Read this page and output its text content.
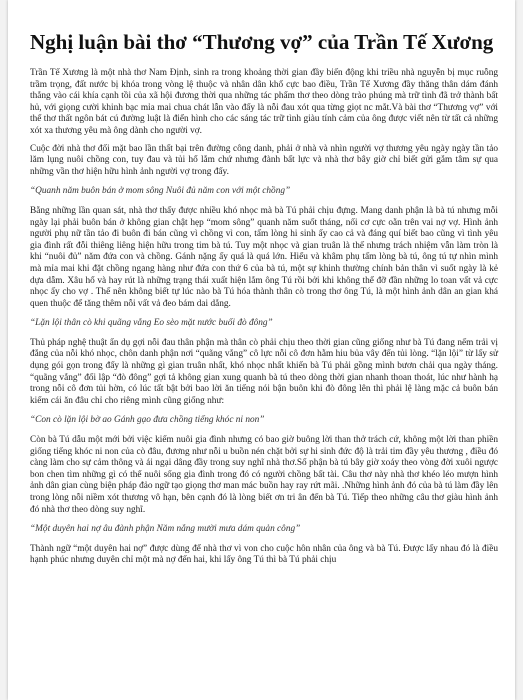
Nghị luận bài thơ “Thương vợ” của Trần Tế Xương

Trần Tế Xương là một nhà thơ Nam Định, sinh ra trong khoảng thời gian đầy biến động khi triều nhà nguyễn bị mục ruỗng trầm trọng, đất nước bị khóa trong vòng lệ thuộc và nhân dân khổ cực bao điều, Trần Tế Xương đầy thăng thân dám đánh thẳng vào cái khía cạnh tồi của xã hội đương thời qua những tác phẩm thơ theo dòng trào phúng mà trữ tình đã trở thành bất hủ, với giọng cười khinh bạc mỉa mai chua chát lẫn vào đấy là nỗi đau xót qua từng giọt nc mắt.Và bài thơ “Thương vợ” với thể thơ thất ngôn bát cú đường luật là điển hình cho các sáng tác trữ tình giàu tính cảm của ông được viết nên từ tất cả những xót xa thương yêu mà ông dành cho người vợ.

Cuộc đời nhà thơ đối mặt bao lần thất bại trên đường công danh, phải ở nhà và nhìn người vợ thương yêu ngày ngày tần tảo lăm lụng nuôi chồng con, tuy đau và tủi hổ lắm chứ nhưng đành bất lực và nhà thơ bây giờ chỉ biết gửi gắm tâm sự qua những vần thơ hiện hữu hình ảnh người vợ trong đấy.

“Quanh năm buôn bán ở mom sông Nuôi đủ năm con với một chồng”

Bằng những lần quan sát, nhà thơ thấy được nhiều khó nhọc mà bà Tú phải chịu đựng. Mang danh phận là bà tú nhưng mỗi ngày lại phải buôn bán ở không gian chật hẹp “mom sông” quanh năm suốt tháng, nối cơ cực oằn trên vai nợ vợ. Hình ảnh người phụ nữ tần tảo đi buôn đi bán cũng vì chồng vì con, tấm lòng hi sinh ấy cao cả và đáng quí biết bao cũng vì tình yêu gia đình rất đỗi thiêng liêng hiện hữu trong tim bà tú. Tuy một nhọc và gian truân là thế nhưng trách nhiệm vẫn làm tròn là khi “nuôi đủ” năm đứa con và chồng. Gánh nặng ấy quá là quá lớn. Hiểu và khâm phụ tấm lòng bà tú, ông tú tự nhìn mình mà mỉa mai khi đặt chồng ngang hàng như đứa con thứ 6 của bà tú, một sự khinh thường chính bản thân vì suốt ngày là kẻ dựa dẫm. Xâu hổ và hay rút là những trạng thái xuất hiện lắm ông Tú rồi bởi khi không thể đỡ đần những lo toan vất vả cực nhọc ấy cho vợ . Thế nên không biết tự lúc nào bà Tú hóa thành thân cò trong thơ ông Tú, là một hình ảnh dân an gian khá quen thuộc để tăng thêm nỗi vất vả đeo bám dai dẳng.

“Lặn lội thân cò khi quãng vắng Eo sèo mặt nước buổi đò đông”

Thủ pháp nghệ thuật ẩn dụ gợi nỗi đau thân phận mà thân cò phải chịu theo thời gian cũng giống như bà Tú đang nếm trải vị đắng của nỗi khó nhọc, chôn danh phận nơi “quãng vắng” cô lực nỗi cô đơn hằm hiu bủa vây đến tủi lòng. “lặn lội” từ lấy sử dụng gói gọn trong đấy là những gì gian truân nhất, khó nhọc nhất khiến bà Tú phải gồng mình bươn chải qua ngày tháng. “quãng vắng” đối lập “đò đông” gợi tả không gian xung quanh bà tú theo dòng thời gian nhanh thoan thoát, lúc như hành hạ trong nỗi cô đơn tủi hờn, có lúc tất bật bởi bao lời ăn tiếng nói bận buôn khi đò đông lên thì phải lệ làng mặc cả buôn bán kiếm cái ăn đâu chỉ cho riêng mình cũng giống như:

“Con cò lặn lội bờ ao Gánh gạo đưa chồng tiếng khóc ni non”

Còn bà Tú dẫu một mới bởi việc kiếm nuôi gia đình nhưng có bao giờ buông lời than thở trách cứ, không một lời than phiền giống tiếng khóc ni non của cò đâu, đương như nỗi u buồn nén chặt bởi sự hi sinh đức độ là trải tim đầy yêu thương , điều đó càng làm cho sự cảm thông và ái ngại dâng đầy trong suy nghĩ nhà thơ.Số phận bà tú bây giờ xoáy theo vòng đời xuôi ngược bon chen tìm những gì có thể nuôi sống gia đình trong đó có người chồng bất tài. Câu thơ này nhà thơ khéo léo mượn hình ảnh dân gian cùng biện pháp đảo ngữ tạo giọng thơ man mác buồn hay ray rứt mãi. .Những hình ảnh đó của bà tú làm đầy lên trong lòng nỗi niềm xót thương vô hạn, bên cạnh đó là lòng biết ơn tri ân đến bà Tú. Tiếp theo những câu thơ giàu hình ảnh đó nhà thơ theo dòng suy nghĩ.

“Một duyên hai nợ âu đành phận Năm nắng mười mưa dám quản công”

Thành ngữ “một duyên hai nợ” được dùng để nhà thơ vì von cho cuộc hôn nhân của ông và bà Tú. Được lấy nhau đó là điều hạnh phúc nhưng duyên chỉ một mà nợ đến hai, khi lấy ông Tú thì bà Tú phải chịu
